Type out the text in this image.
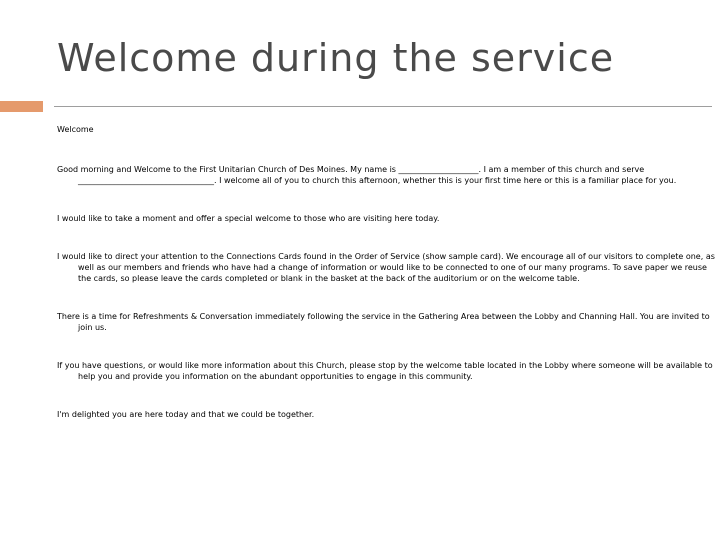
Welcome during the service

Welcome

Good morning and Welcome to the First Unitarian Church of Des Moines. My name is ____________________. I am a member of this church and serve __________________________________. I welcome all of you to church this afternoon, whether this is your first time here or this is a familiar place for you.

I would like to take a moment and offer a special welcome to those who are visiting here today.

I would like to direct your attention to the Connections Cards found in the Order of Service (show sample card). We encourage all of our visitors to complete one, as well as our members and friends who have had a change of information or would like to be connected to one of our many programs. To save paper we reuse the cards, so please leave the cards completed or blank in the basket at the back of the auditorium or on the welcome table.

There is a time for Refreshments & Conversation immediately following the service in the Gathering Area between the Lobby and Channing Hall. You are invited to join us.

If you have questions, or would like more information about this Church, please stop by the welcome table located in the Lobby where someone will be available to help you and provide you information on the abundant opportunities to engage in this community.

I'm delighted you are here today and that we could be together.
